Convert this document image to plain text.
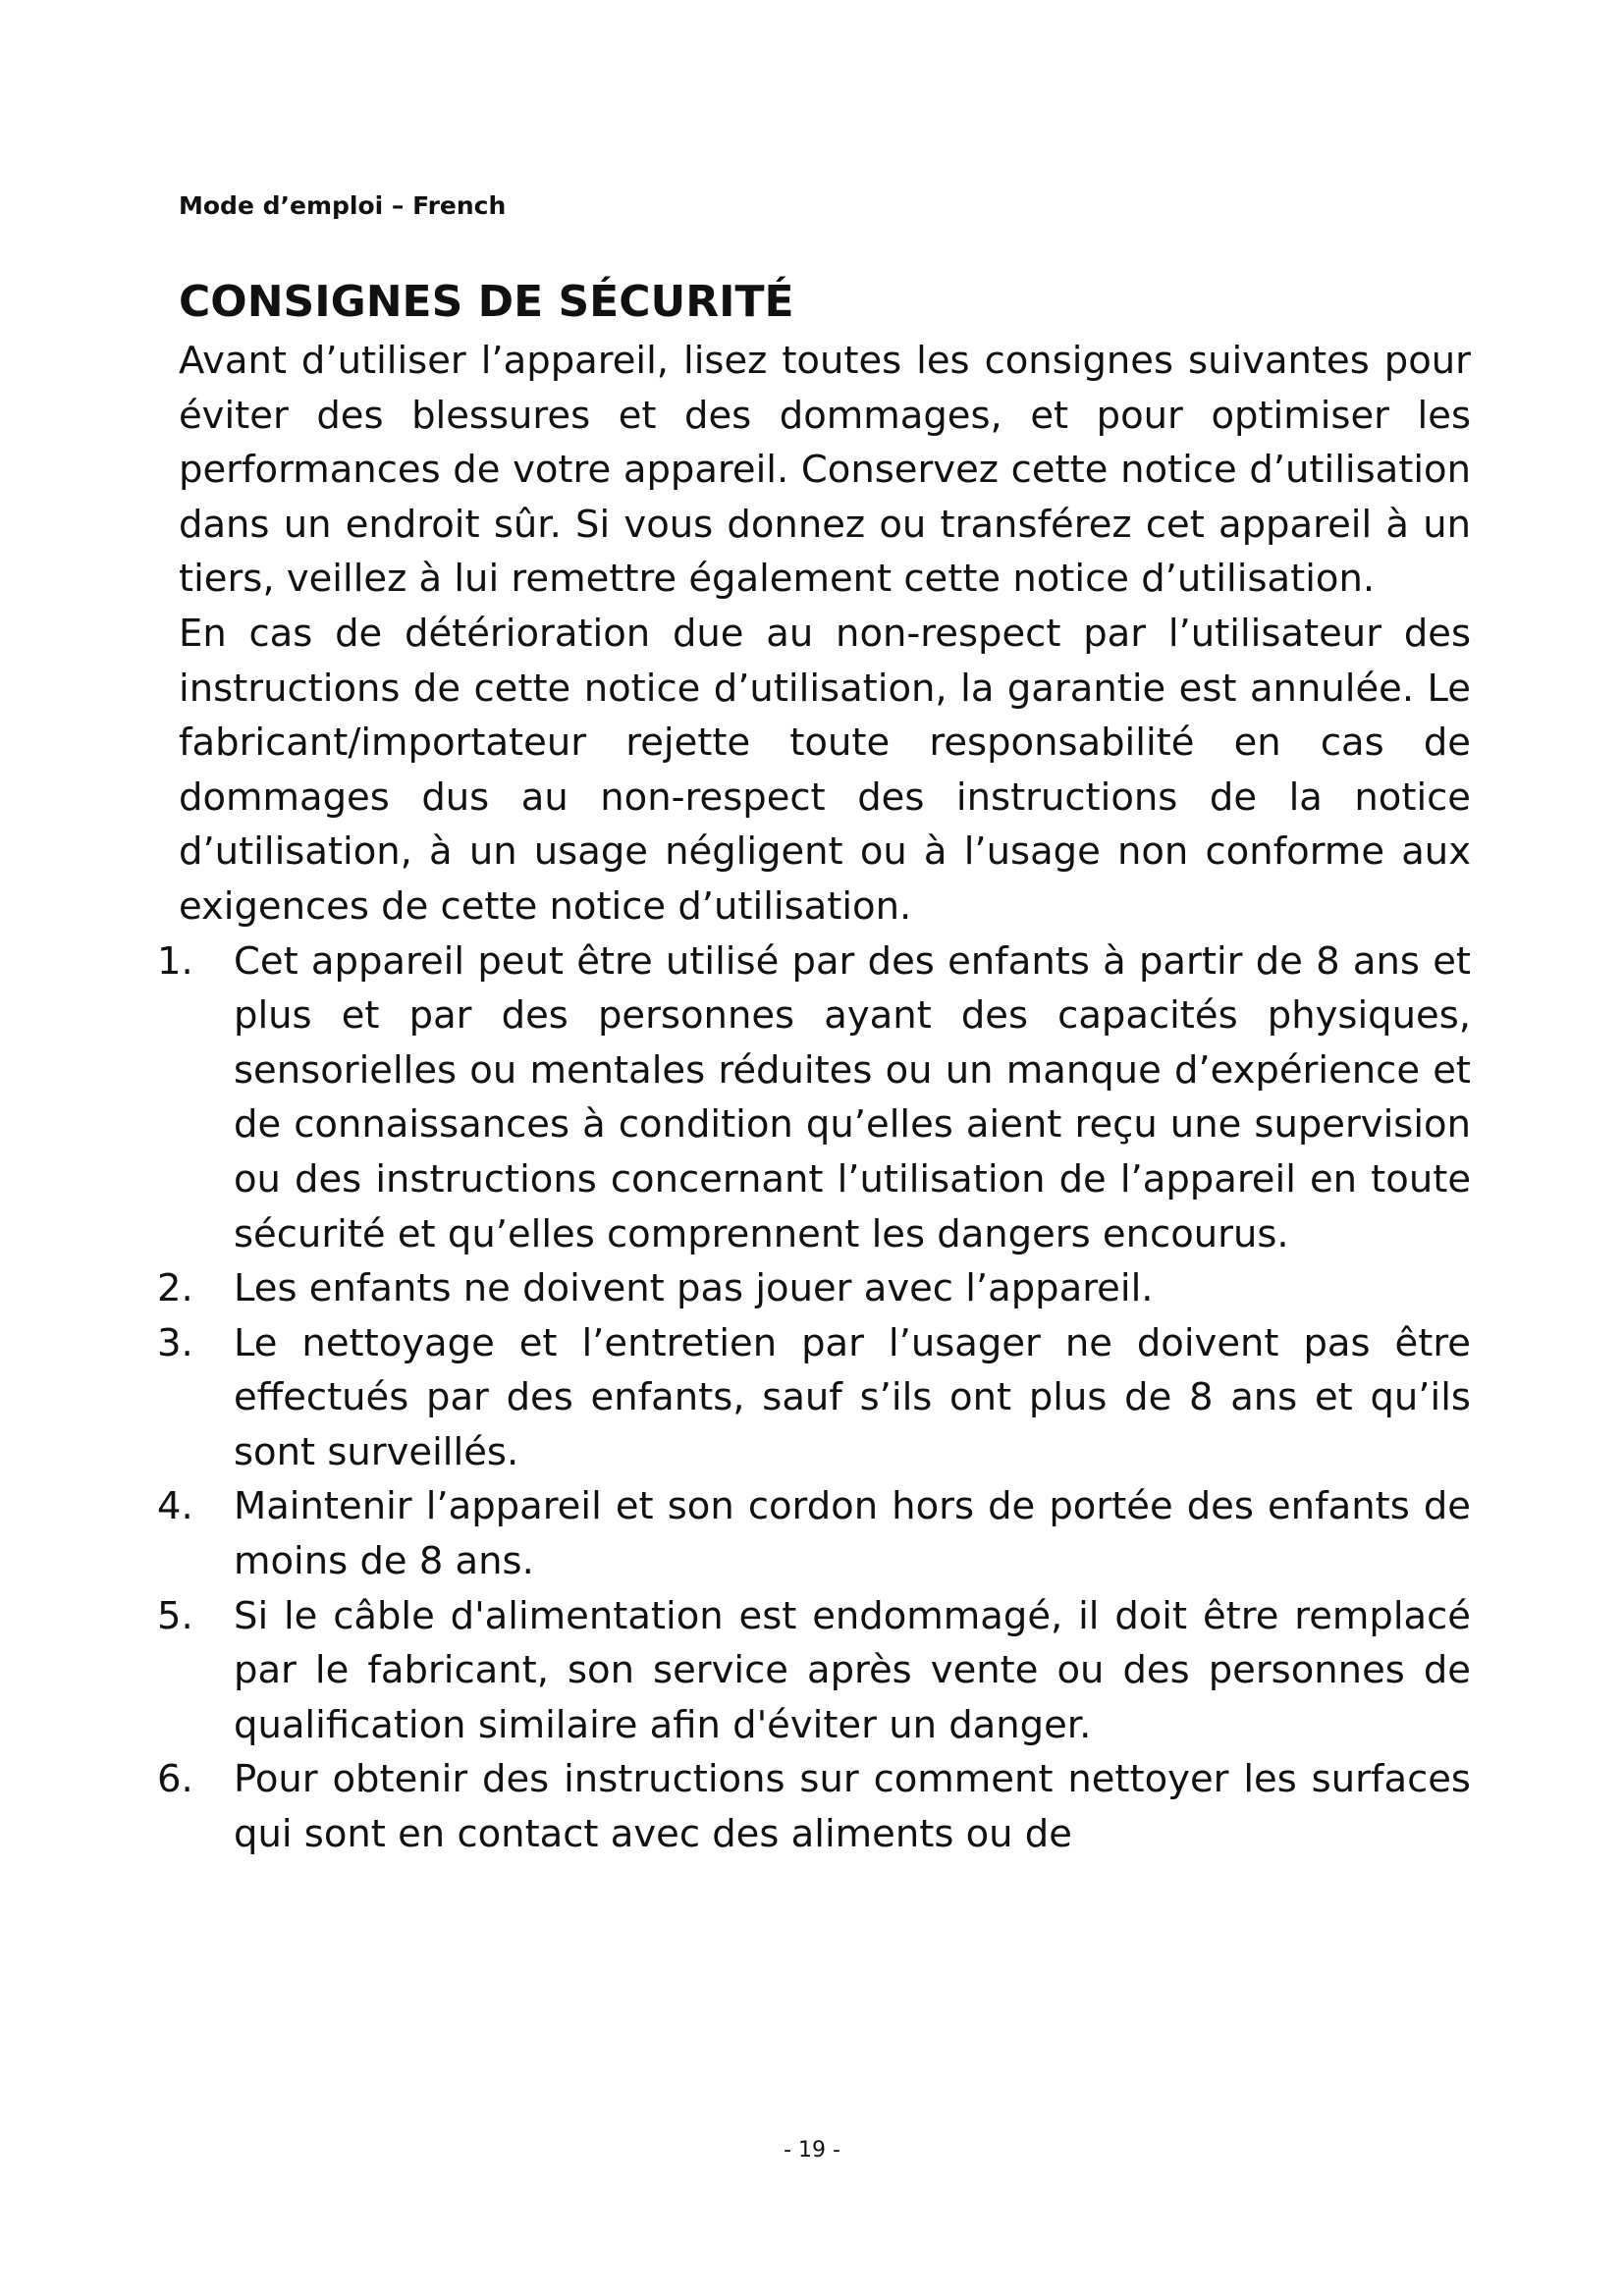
Mode d’emploi – French
CONSIGNES DE SÉCURITÉ
Avant d’utiliser l’appareil, lisez toutes les consignes suivantes pour éviter des blessures et des dommages, et pour optimiser les performances de votre appareil. Conservez cette notice d’utilisation dans un endroit sûr. Si vous donnez ou transférez cet appareil à un tiers, veillez à lui remettre également cette notice d’utilisation.
En cas de détérioration due au non-respect par l’utilisateur des instructions de cette notice d’utilisation, la garantie est annulée. Le fabricant/importateur rejette toute responsabilité en cas de dommages dus au non-respect des instructions de la notice d’utilisation, à un usage négligent ou à l’usage non conforme aux exigences de cette notice d’utilisation.
1.	Cet appareil peut être utilisé par des enfants à partir de 8 ans et plus et par des personnes ayant des capacités physiques, sensorielles ou mentales réduites ou un manque d’expérience et de connaissances à condition qu’elles aient reçu une supervision ou des instructions concernant l’utilisation de l’appareil en toute sécurité et qu’elles comprennent les dangers encourus.
2.	Les enfants ne doivent pas jouer avec l’appareil.
3.	Le nettoyage et l’entretien par l’usager ne doivent pas être effectués par des enfants, sauf s’ils ont plus de 8 ans et qu’ils sont surveillés.
4.	Maintenir l’appareil et son cordon hors de portée des enfants de moins de 8 ans.
5.	Si le câble d'alimentation est endommagé, il doit être remplacé par le fabricant, son service après vente ou des personnes de qualification similaire afin d'éviter un danger.
6.	Pour obtenir des instructions sur comment nettoyer les surfaces qui sont en contact avec des aliments ou de
- 19 -
